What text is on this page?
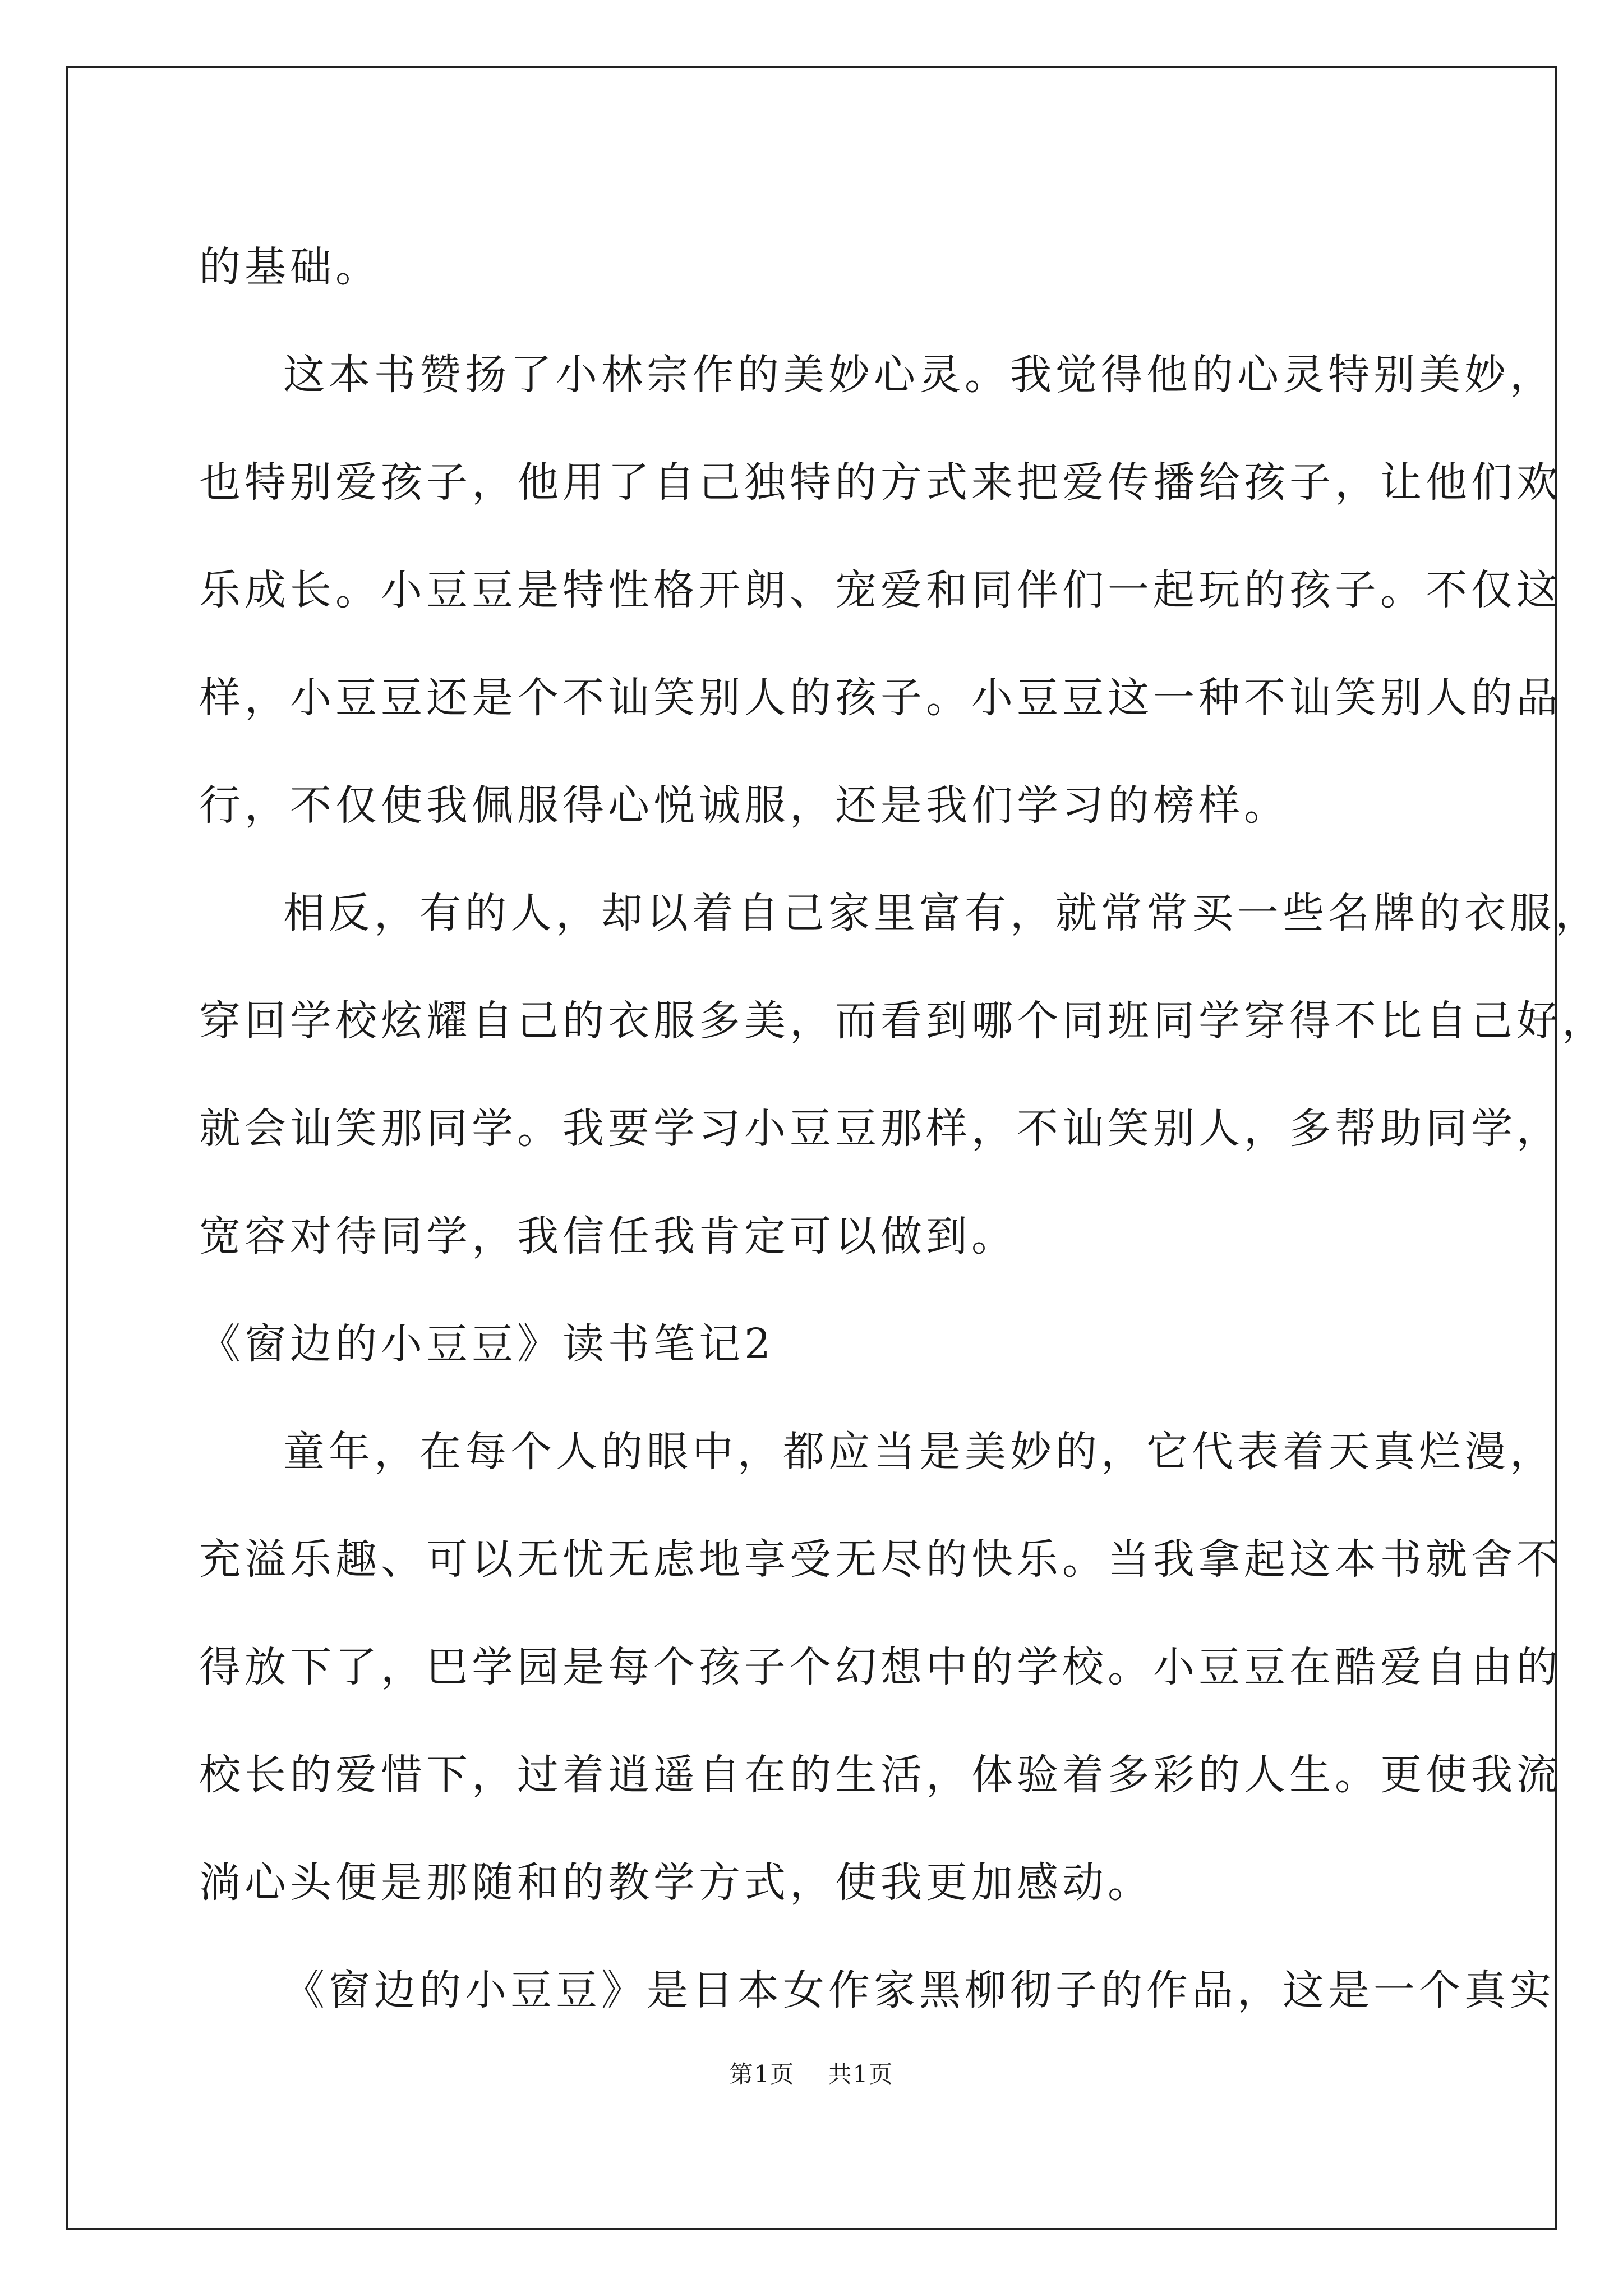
的基础。
这本书赞扬了小林宗作的美妙心灵。我觉得他的心灵特别美妙，
也特别爱孩子，他用了自己独特的方式来把爱传播给孩子，让他们欢
乐成长。小豆豆是特性格开朗、宠爱和同伴们一起玩的孩子。不仅这
样，小豆豆还是个不讪笑别人的孩子。小豆豆这一种不讪笑别人的品
行，不仅使我佩服得心悦诚服，还是我们学习的榜样。
相反，有的人，却以着自己家里富有，就常常买一些名牌的衣服，
穿回学校炫耀自己的衣服多美，而看到哪个同班同学穿得不比自己好，
就会讪笑那同学。我要学习小豆豆那样，不讪笑别人，多帮助同学，
宽容对待同学，我信任我肯定可以做到。
《窗边的小豆豆》读书笔记2
童年，在每个人的眼中，都应当是美妙的，它代表着天真烂漫，
充溢乐趣、可以无忧无虑地享受无尽的快乐。当我拿起这本书就舍不
得放下了，巴学园是每个孩子个幻想中的学校。小豆豆在酷爱自由的
校长的爱惜下，过着逍遥自在的生活，体验着多彩的人生。更使我流
淌心头便是那随和的教学方式，使我更加感动。
《窗边的小豆豆》是日本女作家黑柳彻子的作品，这是一个真实
第1页 共1页
